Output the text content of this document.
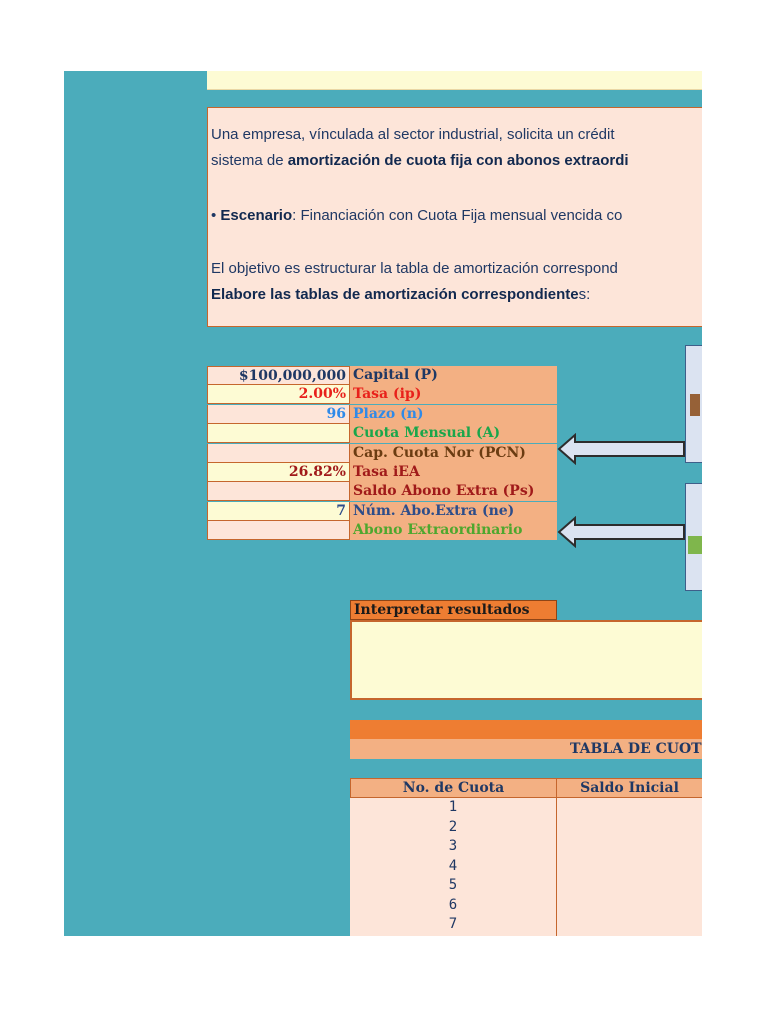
Una empresa, vínculada al sector industrial, solicita un crédit

sistema de amortización de cuota fija con abonos extraordi

• Escenario: Financiación con Cuota Fija mensual vencida co

El objetivo es estructurar la tabla de amortización correspond

Elabore las tablas de amortización correspondientes:

$100,000,000 Capital (P)
2.00% Tasa (ip)
96 Plazo (n)
Cuota Mensual (A)
Cap. Cuota Nor (PCN)
26.82% Tasa iEA
Saldo Abono Extra (Ps)
7 Núm. Abo.Extra (ne)
Abono Extraordinario
Interpretar resultados
TABLA DE CUOT
No. de Cuota	Saldo Inicial
1
2
3
4
5
6
7
